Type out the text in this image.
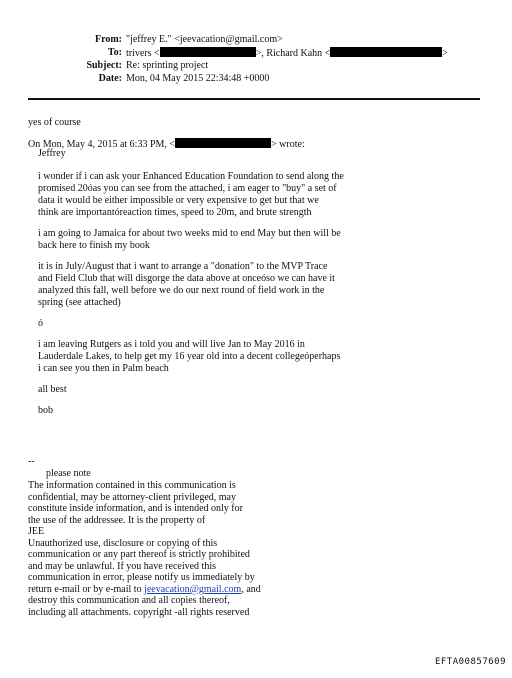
From: "jeffrey E." <jeevacation@gmail.com>
To: trivers <	>, Richard Kahn <	>
Subject: Re: sprinting project
Date: Mon, 04 May 2015 22:34:48 +0000
yes of course
On Mon, May 4, 2015 at 6:33 PM, <	> wrote:

Jeffrey

i wonder if i can ask your Enhanced Education Foundation to send along the
promised 20óas you can see from the attached, i am eager to "buy" a set of
data it would be either impossible or very expensive to get but that we
think are importantóreaction times, speed to 20m, and brute strength

i am going to Jamaica for about two weeks mid to end May but then will be
back here to finish my book

it is in July/August that i want to arrange a "donation" to the MVP Trace
and Field Club that will disgorge the data above at onceóso we can have it
analyzed this fall, well before we do our next round of field work in the
spring (see attached)

ó

i am leaving Rutgers as i told you and will live Jan to May 2016 in
Lauderdale Lakes, to help get my 16 year old into a decent collegeóperhaps
i can see you then in Palm beach

all best

bob

--
please note
The information contained in this communication is
confidential, may be attorney-client privileged, may
constitute inside information, and is intended only for
the use of the addressee. It is the property of
JEE
Unauthorized use, disclosure or copying of this
communication or any part thereof is strictly prohibited
and may be unlawful. If you have received this
communication in error, please notify us immediately by
return e-mail or by e-mail to jeevacation@gmail.com, and
destroy this communication and all copies thereof,
including all attachments. copyright -all rights reserved
EFTA00857609
